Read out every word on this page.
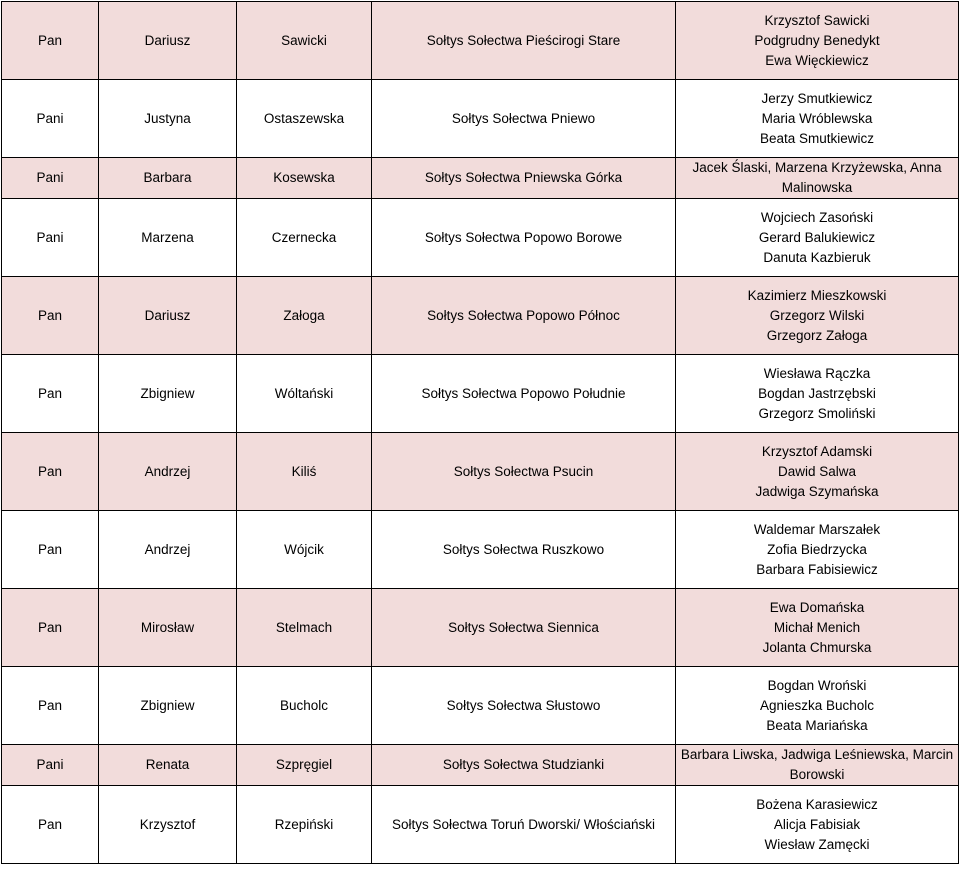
Pan	Dariusz	Sawicki	Sołtys Sołectwa Pieścirogi Stare	Krzysztof Sawicki
Podgrudny Benedykt
Ewa Więckiewicz

Pani	Justyna	Ostaszewska	Sołtys Sołectwa Pniewo	Jerzy Smutkiewicz
Maria Wróblewska
Beata Smutkiewicz

Pani	Barbara	Kosewska	Sołtys Sołectwa Pniewska Górka	Jacek Ślaski, Marzena Krzyżewska, Anna Malinowska

Pani	Marzena	Czernecka	Sołtys Sołectwa Popowo Borowe	Wojciech Zasoński
Gerard Balukiewicz
Danuta Kazbieruk

Pan	Dariusz	Załoga	Sołtys Sołectwa Popowo Północ	Kazimierz Mieszkowski
Grzegorz Wilski
Grzegorz Załoga

Pan	Zbigniew	Wóltański	Sołtys Sołectwa Popowo Południe	Wiesława Rączka
Bogdan Jastrzębski
Grzegorz Smoliński

Pan	Andrzej	Kiliś	Sołtys Sołectwa Psucin	Krzysztof Adamski
Dawid Salwa
Jadwiga Szymańska

Pan	Andrzej	Wójcik	Sołtys Sołectwa Ruszkowo	Waldemar Marszałek
Zofia Biedrzycka
Barbara Fabisiewicz

Pan	Mirosław	Stelmach	Sołtys Sołectwa Siennica	Ewa Domańska
Michał Menich
Jolanta Chmurska

Pan	Zbigniew	Bucholc	Sołtys Sołectwa Słustowo	Bogdan Wroński
Agnieszka Bucholc
Beata Mariańska

Pani	Renata	Szpręgiel	Sołtys Sołectwa Studzianki	Barbara Liwska, Jadwiga Leśniewska, Marcin Borowski

Pan	Krzysztof	Rzepiński	Sołtys Sołectwa Toruń Dworski/ Włościański	Bożena Karasiewicz
Alicja Fabisiak
Wiesław Zamęcki
